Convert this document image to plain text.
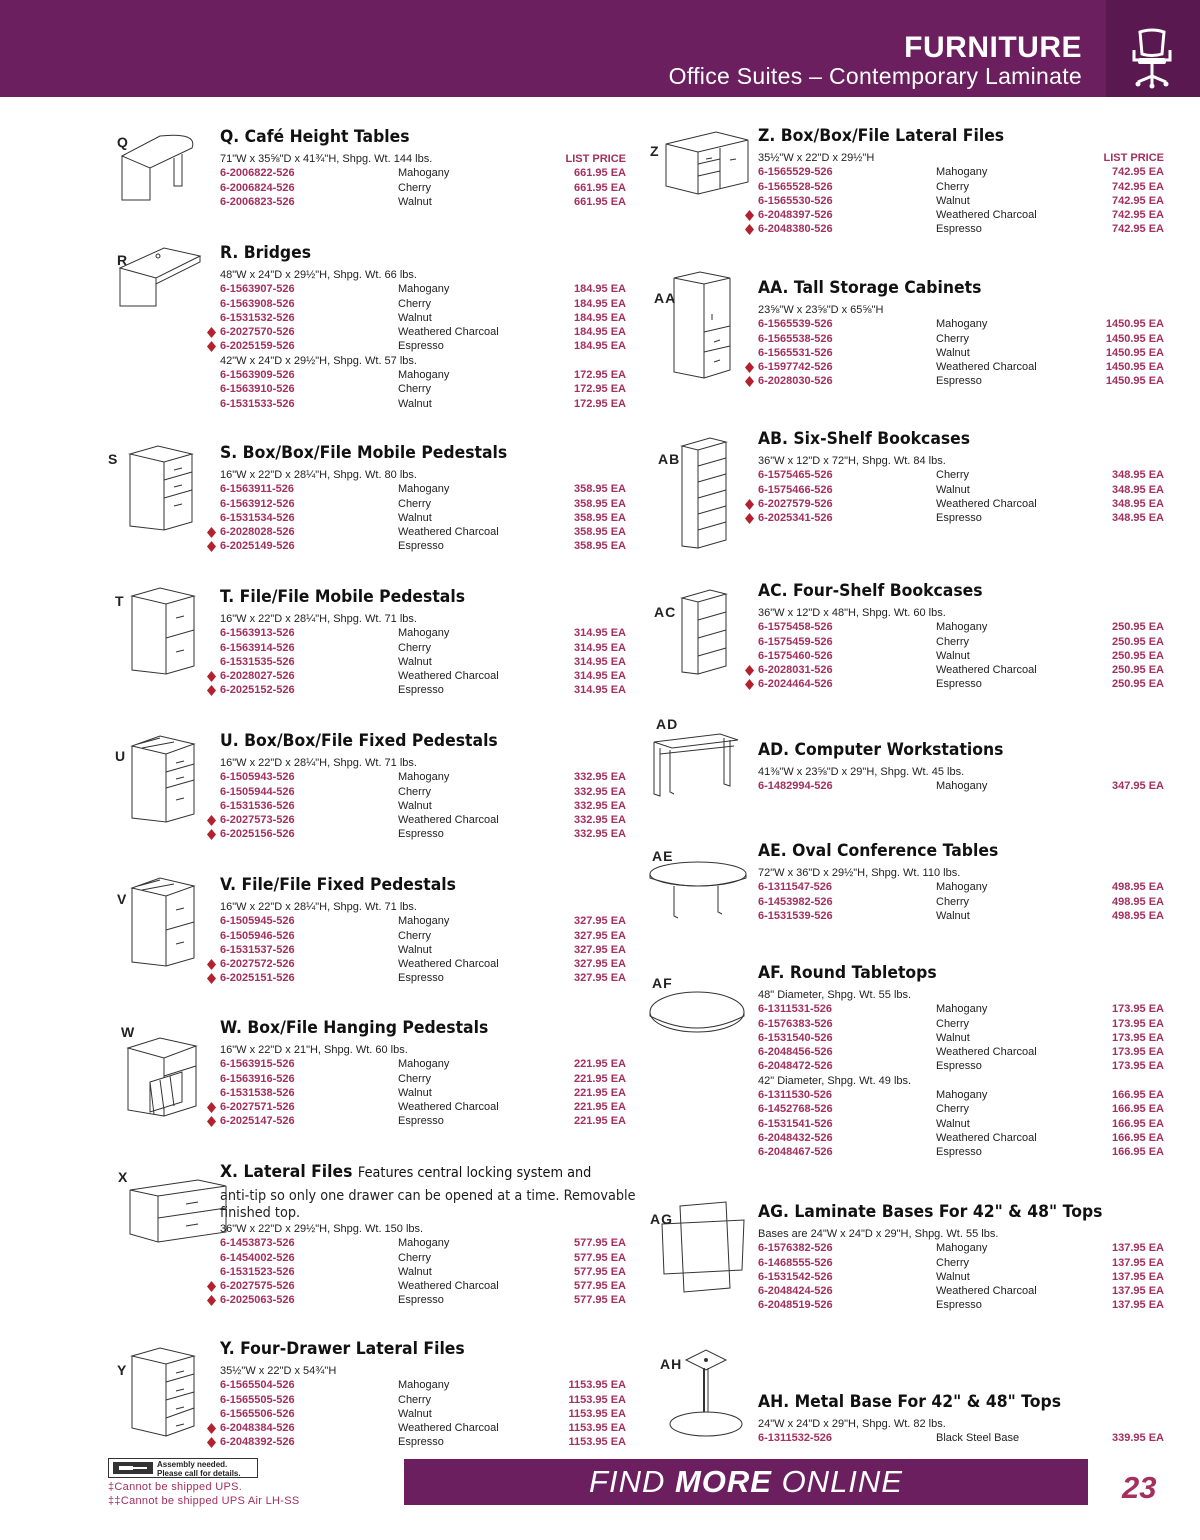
FURNITURE
Office Suites – Contemporary Laminate
Q	Q. Café Height Tables
71"W x 35⅝"D x 41¾"H, Shpg. Wt. 144 lbs.	LIST PRICE
6-2006822-526	Mahogany	661.95 EA
6-2006824-526	Cherry	661.95 EA
6-2006823-526	Walnut	661.95 EA
R	R. Bridges
48"W x 24"D x 29½"H, Shpg. Wt. 66 lbs.
6-1563907-526	Mahogany	184.95 EA
6-1563908-526	Cherry	184.95 EA
6-1531532-526	Walnut	184.95 EA
6-2027570-526	Weathered Charcoal	184.95 EA
6-2025159-526	Espresso	184.95 EA
42"W x 24"D x 29½"H, Shpg. Wt. 57 lbs.
6-1563909-526	Mahogany	172.95 EA
6-1563910-526	Cherry	172.95 EA
6-1531533-526	Walnut	172.95 EA
S	S. Box/Box/File Mobile Pedestals
16"W x 22"D x 28¼"H, Shpg. Wt. 80 lbs.
6-1563911-526	Mahogany	358.95 EA
6-1563912-526	Cherry	358.95 EA
6-1531534-526	Walnut	358.95 EA
6-2028028-526	Weathered Charcoal	358.95 EA
6-2025149-526	Espresso	358.95 EA
T	T. File/File Mobile Pedestals
16"W x 22"D x 28¼"H, Shpg. Wt. 71 lbs.
6-1563913-526	Mahogany	314.95 EA
6-1563914-526	Cherry	314.95 EA
6-1531535-526	Walnut	314.95 EA
6-2028027-526	Weathered Charcoal	314.95 EA
6-2025152-526	Espresso	314.95 EA
U
U. Box/Box/File Fixed Pedestals
16"W x 22"D x 28¼"H, Shpg. Wt. 71 lbs.
6-1505943-526	Mahogany	332.95 EA
6-1505944-526	Cherry	332.95 EA
6-1531536-526	Walnut	332.95 EA
6-2027573-526	Weathered Charcoal	332.95 EA
6-2025156-526	Espresso	332.95 EA
V
V. File/File Fixed Pedestals
16"W x 22"D x 28¼"H, Shpg. Wt. 71 lbs.
6-1505945-526	Mahogany	327.95 EA
6-1505946-526	Cherry	327.95 EA
6-1531537-526	Walnut	327.95 EA
6-2027572-526	Weathered Charcoal	327.95 EA
6-2025151-526	Espresso	327.95 EA
W	W. Box/File Hanging Pedestals
16"W x 22"D x 21"H, Shpg. Wt. 60 lbs.
6-1563915-526	Mahogany	221.95 EA
6-1563916-526	Cherry	221.95 EA
6-1531538-526	Walnut	221.95 EA
6-2027571-526	Weathered Charcoal	221.95 EA
6-2025147-526	Espresso	221.95 EA
X	X. Lateral Files Features central locking system and
anti-tip so only one drawer can be opened at a time. Removable
finished top.
36"W x 22"D x 29½"H, Shpg. Wt. 150 lbs.
6-1453873-526	Mahogany	577.95 EA
6-1454002-526	Cherry	577.95 EA
6-1531523-526	Walnut	577.95 EA
6-2027575-526	Weathered Charcoal	577.95 EA
6-2025063-526	Espresso	577.95 EA
Y
Y. Four-Drawer Lateral Files
35½"W x 22"D x 54¾"H
6-1565504-526	Mahogany	1153.95 EA
6-1565505-526	Cherry	1153.95 EA
6-1565506-526	Walnut	1153.95 EA
6-2048384-526	Weathered Charcoal	1153.95 EA
6-2048392-526	Espresso	1153.95 EA
Z
Z. Box/Box/File Lateral Files
35½"W x 22"D x 29½"H	LIST PRICE
6-1565529-526	Mahogany	742.95 EA
6-1565528-526	Cherry	742.95 EA
6-1565530-526	Walnut	742.95 EA
6-2048397-526	Weathered Charcoal	742.95 EA
6-2048380-526	Espresso	742.95 EA
AA	AA. Tall Storage Cabinets
23⅝"W x 23⅝"D x 65⅝"H
6-1565539-526	Mahogany	1450.95 EA
6-1565538-526	Cherry	1450.95 EA
6-1565531-526	Walnut	1450.95 EA
6-1597742-526	Weathered Charcoal	1450.95 EA
6-2028030-526	Espresso	1450.95 EA
AB
AB. Six-Shelf Bookcases
36"W x 12"D x 72"H, Shpg. Wt. 84 lbs.
6-1575465-526	Cherry	348.95 EA
6-1575466-526	Walnut	348.95 EA
6-2027579-526	Weathered Charcoal	348.95 EA
6-2025341-526	Espresso	348.95 EA
AC
AC. Four-Shelf Bookcases
36"W x 12"D x 48"H, Shpg. Wt. 60 lbs.
6-1575458-526	Mahogany	250.95 EA
6-1575459-526	Cherry	250.95 EA
6-1575460-526	Walnut	250.95 EA
6-2028031-526	Weathered Charcoal	250.95 EA
6-2024464-526	Espresso	250.95 EA
AD
AD. Computer Workstations
41⅜"W x 23⅝"D x 29"H, Shpg. Wt. 45 lbs.
6-1482994-526	Mahogany	347.95 EA
AE	AE. Oval Conference Tables
72"W x 36"D x 29½"H, Shpg. Wt. 110 lbs.
6-1311547-526	Mahogany	498.95 EA
6-1453982-526	Cherry	498.95 EA
6-1531539-526	Walnut	498.95 EA
AF	AF. Round Tabletops
48" Diameter, Shpg. Wt. 55 lbs.
6-1311531-526	Mahogany	173.95 EA
6-1576383-526	Cherry	173.95 EA
6-1531540-526	Walnut	173.95 EA
6-2048456-526	Weathered Charcoal	173.95 EA
6-2048472-526	Espresso	173.95 EA
42" Diameter, Shpg. Wt. 49 lbs.
6-1311530-526	Mahogany	166.95 EA
6-1452768-526	Cherry	166.95 EA
6-1531541-526	Walnut	166.95 EA
6-2048432-526	Weathered Charcoal	166.95 EA
6-2048467-526	Espresso	166.95 EA
AG	AG. Laminate Bases For 42" & 48" Tops
Bases are 24"W x 24"D x 29"H, Shpg. Wt. 55 lbs.
6-1576382-526	Mahogany	137.95 EA
6-1468555-526	Cherry	137.95 EA
6-1531542-526	Walnut	137.95 EA
6-2048424-526	Weathered Charcoal	137.95 EA
6-2048519-526	Espresso	137.95 EA
AH
AH. Metal Base For 42" & 48" Tops
24"W x 24"D x 29"H, Shpg. Wt. 82 lbs.
6-1311532-526	Black Steel Base	339.95 EA
Assembly needed.
Please call for details.
‡Cannot be shipped UPS.
‡‡Cannot be shipped UPS Air LH-SS
FIND MORE ONLINE	23
